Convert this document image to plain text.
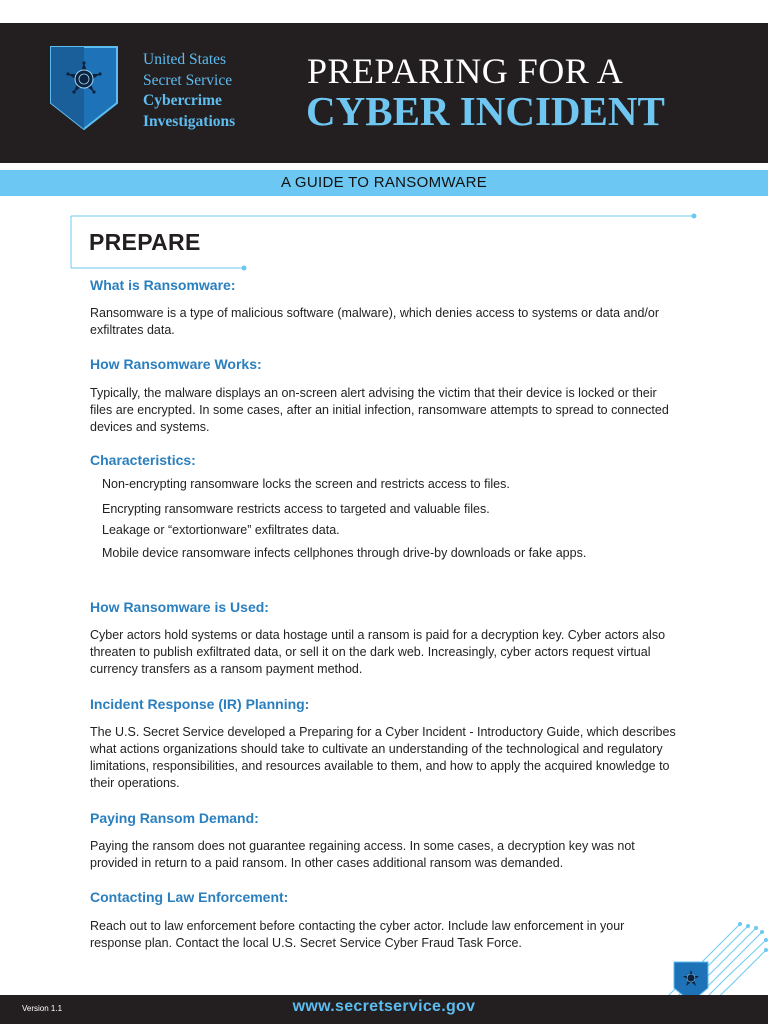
United States
Secret Service
Cybercrime
Investigations
PREPARING FOR A
CYBER INCIDENT
A GUIDE TO RANSOMWARE
PREPARE
What is Ransomware:
Ransomware is a type of malicious software (malware), which denies access to systems or data and/or exfiltrates data.
How Ransomware Works:
Typically, the malware displays an on-screen alert advising the victim that their device is locked or their files are encrypted. In some cases, after an initial infection, ransomware attempts to spread to connected devices and systems.
Characteristics:
Non-encrypting ransomware locks the screen and restricts access to files.
Encrypting ransomware restricts access to targeted and valuable files.
Leakage or “extortionware” exfiltrates data.
Mobile device ransomware infects cellphones through drive-by downloads or fake apps.
How Ransomware is Used:
Cyber actors hold systems or data hostage until a ransom is paid for a decryption key. Cyber actors also threaten to publish exfiltrated data, or sell it on the dark web. Increasingly, cyber actors request virtual currency transfers as a ransom payment method.
Incident Response (IR) Planning:
The U.S. Secret Service developed a Preparing for a Cyber Incident - Introductory Guide, which describes what actions organizations should take to cultivate an understanding of the technological and regulatory limitations, responsibilities, and resources available to them, and how to apply the acquired knowledge to their operations.
Paying Ransom Demand:
Paying the ransom does not guarantee regaining access. In some cases, a decryption key was not provided in return to a paid ransom. In other cases additional ransom was demanded.
Contacting Law Enforcement:
Reach out to law enforcement before contacting the cyber actor. Include law enforcement in your response plan. Contact the local U.S. Secret Service Cyber Fraud Task Force.
Version 1.1	www.secretservice.gov
